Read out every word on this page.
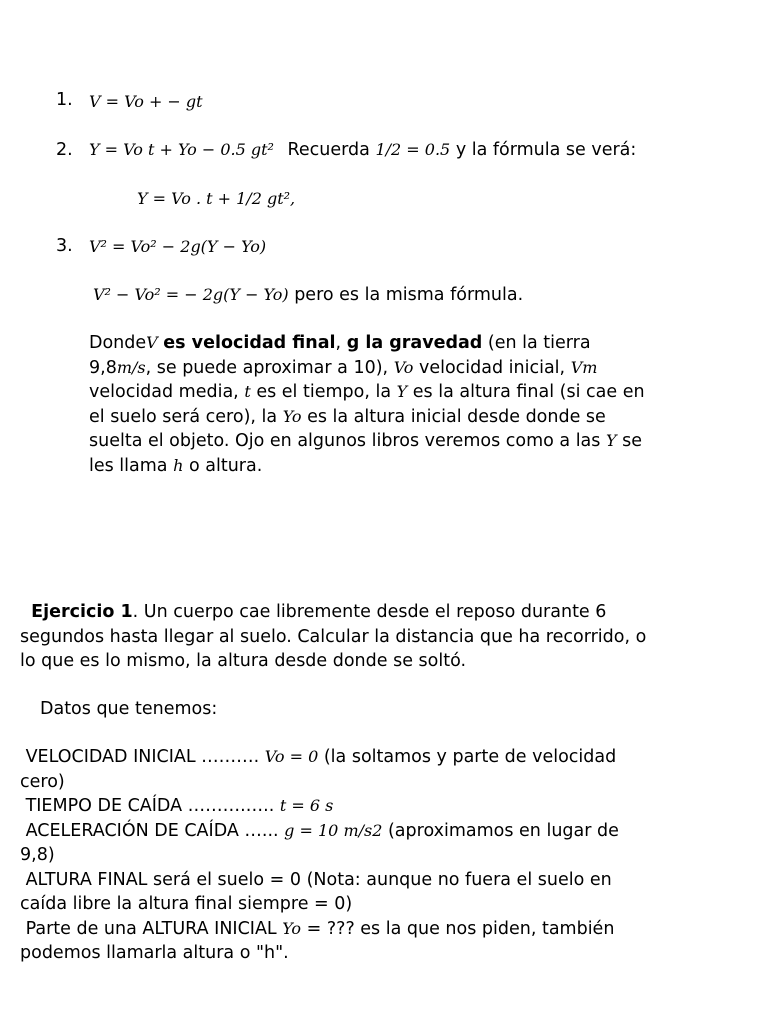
1. V = Vo + − gt
2. Y = Vo t + Yo − 0.5 gt² Recuerda 1/2 = 0.5 y la fórmula se verá:
Y = Vo . t + 1/2 gt²,
3. V² = Vo² − 2g(Y − Yo)
V² − Vo² = − 2g(Y − Yo) pero es la misma fórmula.
DondeV es velocidad final, g la gravedad (en la tierra
9,8m/s, se puede aproximar a 10), Vo velocidad inicial, Vm
velocidad media, t es el tiempo, la Y es la altura final (si cae en
el suelo será cero), la Yo es la altura inicial desde donde se
suelta el objeto. Ojo en algunos libros veremos como a las Y se
les llama h o altura.
Ejercicio 1. Un cuerpo cae libremente desde el reposo durante 6
segundos hasta llegar al suelo. Calcular la distancia que ha recorrido, o
lo que es lo mismo, la altura desde donde se soltó.
Datos que tenemos:
VELOCIDAD INICIAL ………. Vo = 0 (la soltamos y parte de velocidad
cero)
TIEMPO DE CAÍDA ……….….. t = 6 s
ACELERACIÓN DE CAÍDA …... g = 10 m/s2 (aproximamos en lugar de
9,8)
ALTURA FINAL será el suelo = 0 (Nota: aunque no fuera el suelo en
caída libre la altura final siempre = 0)
Parte de una ALTURA INICIAL Yo = ??? es la que nos piden, también
podemos llamarla altura o "h".
